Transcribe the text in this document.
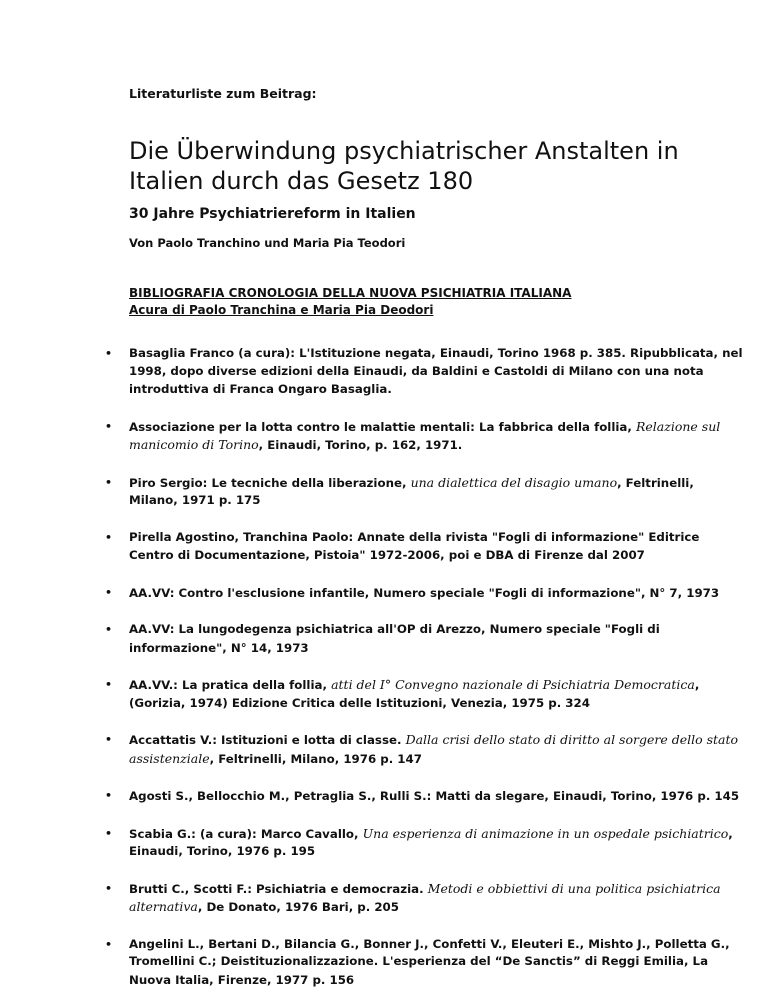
Literaturliste zum Beitrag:
Die Überwindung psychiatrischer Anstalten in Italien durch das Gesetz 180
30 Jahre Psychiatriereform in Italien
Von Paolo Tranchino und Maria Pia Teodori
BIBLIOGRAFIA CRONOLOGIA DELLA NUOVA PSICHIATRIA ITALIANA
Acura di Paolo Tranchina e Maria Pia Deodori
• Basaglia Franco (a cura): L'Istituzione negata, Einaudi, Torino 1968 p. 385. Ripubblicata, nel 1998, dopo diverse edizioni della Einaudi, da Baldini e Castoldi di Milano con una nota introduttiva di Franca Ongaro Basaglia.
• Associazione per la lotta contro le malattie mentali: La fabbrica della follia, Relazione sul manicomio di Torino, Einaudi, Torino, p. 162, 1971.
• Piro Sergio: Le tecniche della liberazione, una dialettica del disagio umano, Feltrinelli, Milano, 1971 p. 175
• Pirella Agostino, Tranchina Paolo: Annate della rivista "Fogli di informazione" Editrice Centro di Documentazione, Pistoia" 1972-2006, poi e DBA di Firenze dal 2007
• AA.VV: Contro l'esclusione infantile, Numero speciale "Fogli di informazione", N° 7, 1973
• AA.VV: La lungodegenza psichiatrica all'OP di Arezzo, Numero speciale "Fogli di informazione", N° 14, 1973
• AA.VV.: La pratica della follia, atti del I° Convegno nazionale di Psichiatria Democratica, (Gorizia, 1974) Edizione Critica delle Istituzioni, Venezia, 1975 p. 324
• Accattatis V.: Istituzioni e lotta di classe. Dalla crisi dello stato di diritto al sorgere dello stato assistenziale, Feltrinelli, Milano, 1976 p. 147
• Agosti S., Bellocchio M., Petraglia S., Rulli S.: Matti da slegare, Einaudi, Torino, 1976 p. 145
• Scabia G.: (a cura): Marco Cavallo, Una esperienza di animazione in un ospedale psichiatrico, Einaudi, Torino, 1976 p. 195
• Brutti C., Scotti F.: Psichiatria e democrazia. Metodi e obbiettivi di una politica psichiatrica alternativa, De Donato, 1976 Bari, p. 205
• Angelini L., Bertani D., Bilancia G., Bonner J., Confetti V., Eleuteri E., Mishto J., Polletta G., Tromellini C.; Deistituzionalizzazione. L'esperienza del “De Sanctis” di Reggi Emilia, La Nuova Italia, Firenze, 1977 p. 156
